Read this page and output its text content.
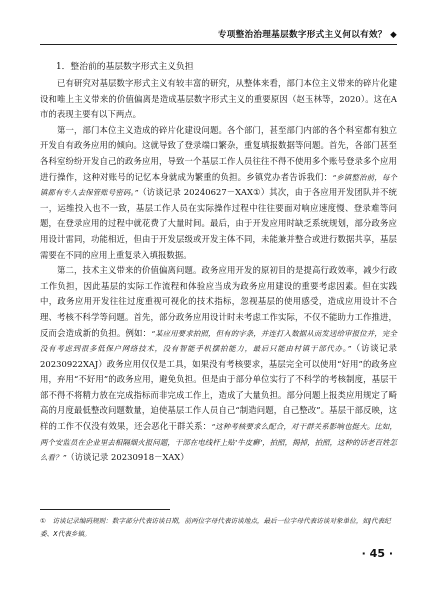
专项整治治理基层数字形式主义何以有效？ ◆
1．整治前的基层数字形式主义负担

已有研究对基层数字形式主义有较丰富的研究，从整体来看，部门本位主义带来的碎片化建设和唯上主义带来的价值偏离是造成基层数字形式主义的重要原因（赵玉林等，2020）。这在A市的表现主要有以下两点。

第一，部门本位主义造成的碎片化建设问题。各个部门，甚至部门内部的各个科室都有独立开发自有政务应用的倾向。这就导致了登录端口繁杂，重复填报数据等问题。首先，各部门甚至各科室纷纷开发自己的政务应用，导致一个基层工作人员往往不得不使用多个账号登录多个应用进行操作，这种对账号的记忆本身就成为繁重的负担。乡镇党办者告诉我们：“乡镇整治前，每个镇都有专人去保管账号密码。”（访谈记录 20240627－XAX①）其次，由于各应用开发团队并不统一，运维投入也不一致，基层工作人员在实际操作过程中往往要面对响应速度慢、登录难等问题，在登录应用的过程中就花费了大量时间。最后，由于开发应用时缺乏系统规划，部分政务应用设计雷同，功能相近，但由于开发层级或开发主体不同，未能兼并整合或进行数据共享，基层需要在不同的应用上重复录入填报数据。

第二，技术主义带来的价值偏离问题。政务应用开发的原初目的是提高行政效率，减少行政工作负担，因此基层的实际工作流程和体验应当成为政务应用建设的重要考虑因素。但在实践中，政务应用开发往往过度重视可视化的技术指标，忽视基层的使用感受，造成应用设计不合理、考核不科学等问题。首先，部分政务应用设计时未考虑工作实际，不仅不能助力工作推进，反而会造成新的负担。例如：“某应用要求拍照，但有的字条，并连打入数据从而发送给审报位并，完全没有考虑到很多低保户网络技术，没有智能手机摆拍能力，最后只能由村镇干部代办。”（访谈记录 20230922XAJ）政务应用仅仅是工具，如果没有考核要求，基层完全可以使用“好用”的政务应用，弃用“不好用”的政务应用，避免负担。但是由于部分单位实行了不科学的考核制度，基层干部不得不将精力放在完成指标而非完成工作上，造成了大量负担。部分问题上报类应用规定了畸高的月度最低整改问题数量，迫使基层工作人员自己“制造问题，自己整改”。基层干部反映，这样的工作不仅没有效果，还会恶化干群关系：“这种考核要求么配合，对干群关系影响也挺大。比如，两个安监员在企业里去相隔烟火报问题，干部在电线杆上贴‘牛皮癣’，拍照，揭掉，拍照，这种的话老百姓怎么看？”（访谈记录 20230918－XAX）

①　访谈记录编码规则：数字部分代表访谈日期，前两位字母代表访谈地点，最后一位字母代表访谈对象单位，如J代表纪委、X代表乡镇。
· 45 ·
